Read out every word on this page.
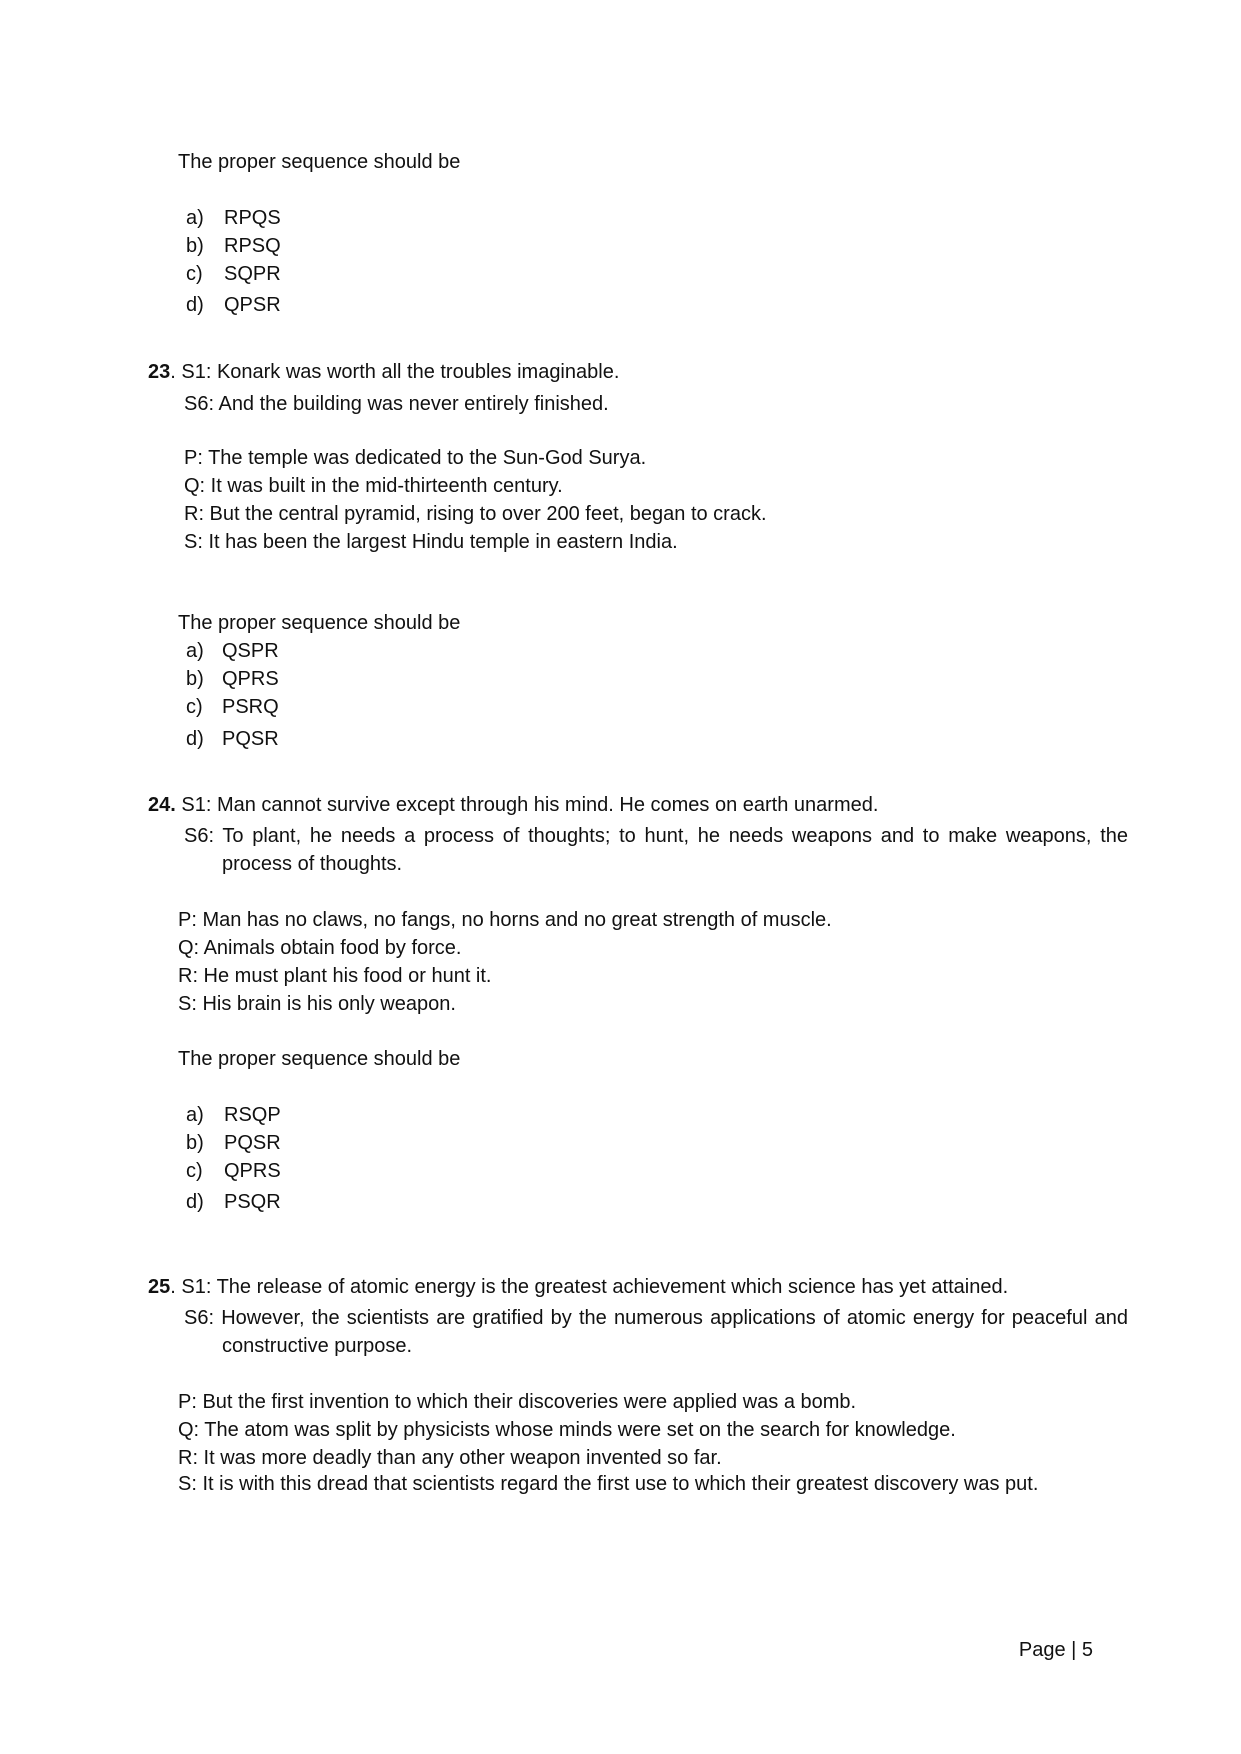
The proper sequence should be
a) RPQS
b) RPSQ
c) SQPR
d) QPSR
23. S1: Konark was worth all the troubles imaginable.
S6: And the building was never entirely finished.
P: The temple was dedicated to the Sun-God Surya.
Q: It was built in the mid-thirteenth century.
R: But the central pyramid, rising to over 200 feet, began to crack.
S: It has been the largest Hindu temple in eastern India.
The proper sequence should be
a) QSPR
b) QPRS
c) PSRQ
d) PQSR
24. S1: Man cannot survive except through his mind. He comes on earth unarmed.
S6: To plant, he needs a process of thoughts; to hunt, he needs weapons and to make weapons, the process of thoughts.
P: Man has no claws, no fangs, no horns and no great strength of muscle.
Q: Animals obtain food by force.
R: He must plant his food or hunt it.
S: His brain is his only weapon.
The proper sequence should be
a) RSQP
b) PQSR
c) QPRS
d) PSQR
25. S1: The release of atomic energy is the greatest achievement which science has yet attained.
S6: However, the scientists are gratified by the numerous applications of atomic energy for peaceful and constructive purpose.
P: But the first invention to which their discoveries were applied was a bomb.
Q: The atom was split by physicists whose minds were set on the search for knowledge.
R: It was more deadly than any other weapon invented so far.
S: It is with this dread that scientists regard the first use to which their greatest discovery was put.
Page | 5
